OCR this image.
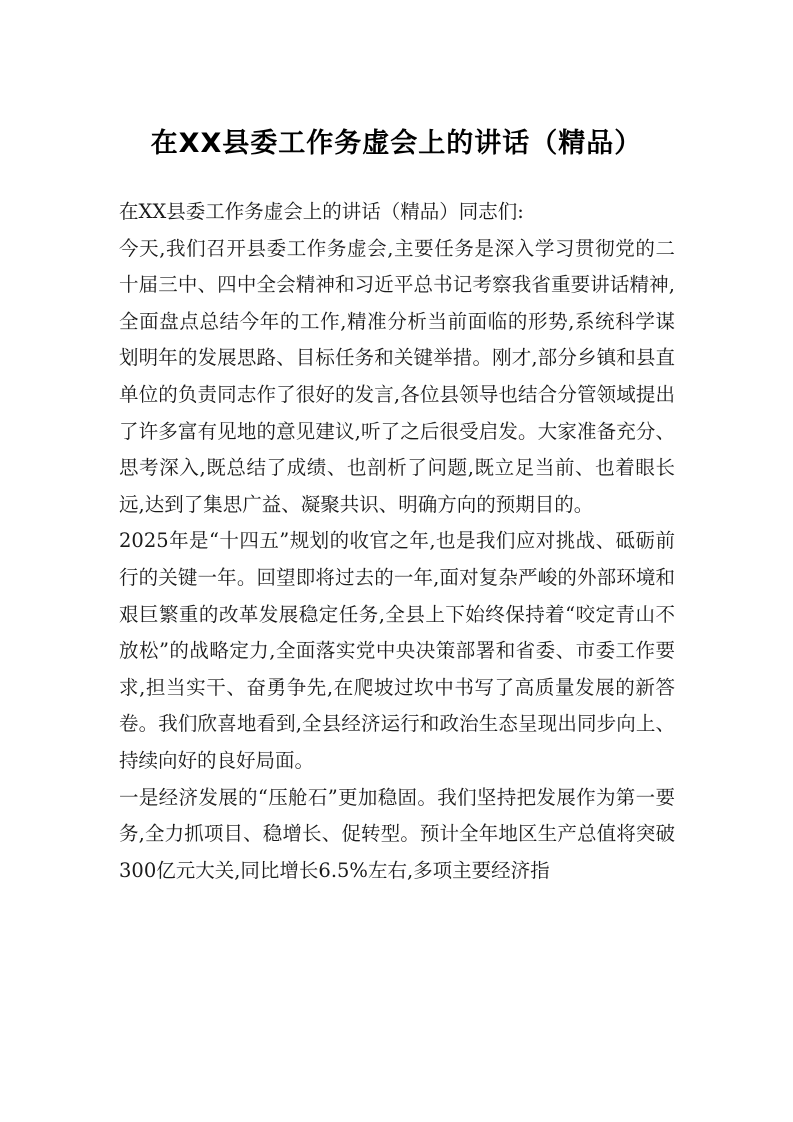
在XX县委工作务虚会上的讲话（精品）

在XX县委工作务虚会上的讲话（精品）同志们:

今天,我们召开县委工作务虚会,主要任务是深入学习贯彻党的二十届三中、四中全会精神和习近平总书记考察我省重要讲话精神,全面盘点总结今年的工作,精准分析当前面临的形势,系统科学谋划明年的发展思路、目标任务和关键举措。刚才,部分乡镇和县直单位的负责同志作了很好的发言,各位县领导也结合分管领域提出了许多富有见地的意见建议,听了之后很受启发。大家准备充分、思考深入,既总结了成绩、也剖析了问题,既立足当前、也着眼长远,达到了集思广益、凝聚共识、明确方向的预期目的。

2025年是“十四五”规划的收官之年,也是我们应对挑战、砥砺前行的关键一年。回望即将过去的一年,面对复杂严峻的外部环境和艰巨繁重的改革发展稳定任务,全县上下始终保持着“咬定青山不放松”的战略定力,全面落实党中央决策部署和省委、市委工作要求,担当实干、奋勇争先,在爬坡过坎中书写了高质量发展的新答卷。我们欣喜地看到,全县经济运行和政治生态呈现出同步向上、持续向好的良好局面。

一是经济发展的“压舱石”更加稳固。我们坚持把发展作为第一要务,全力抓项目、稳增长、促转型。预计全年地区生产总值将突破300亿元大关,同比增长6.5%左右,多项主要经济指
